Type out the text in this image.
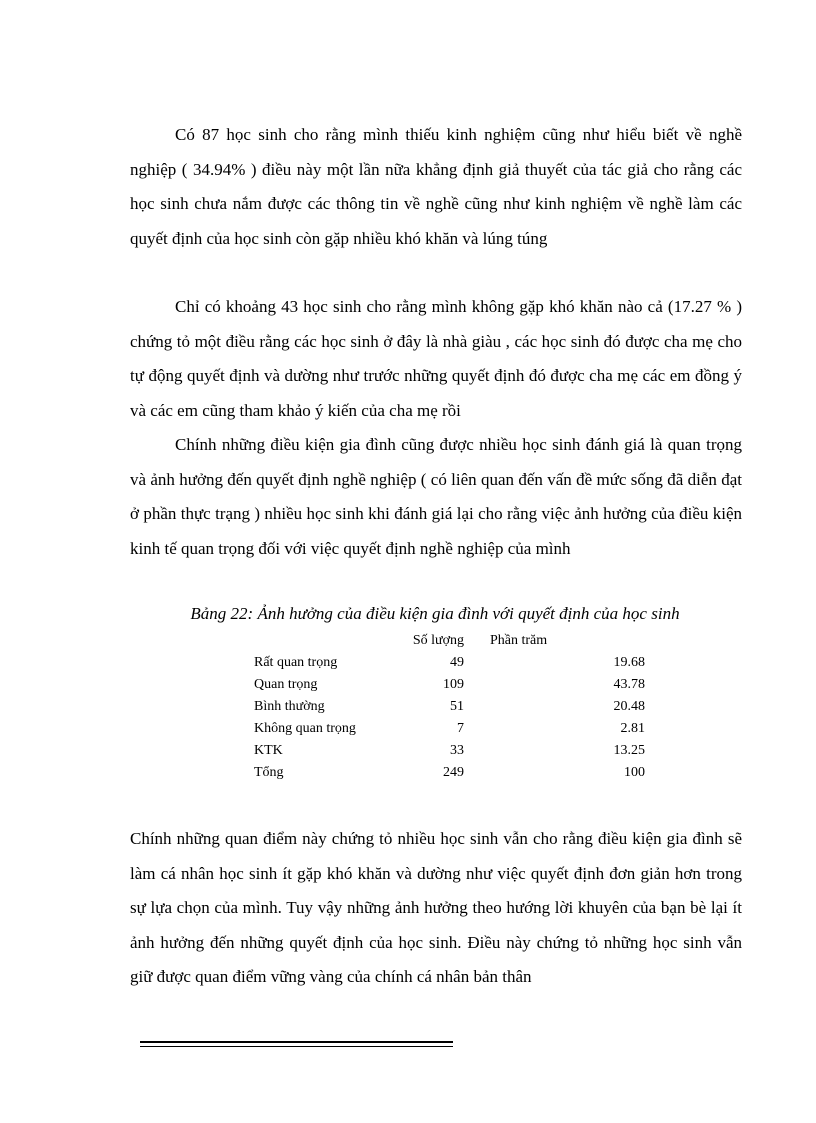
Có 87 học sinh cho rằng mình thiếu kinh nghiệm cũng như hiểu biết về nghề nghiệp ( 34.94% ) điều này một lần nữa khẳng định giả thuyết của tác giả cho rằng các học sinh chưa nắm được các thông tin về nghề cũng như kinh nghiệm về nghề làm các quyết định của học sinh còn gặp nhiều khó khăn và lúng túng

Chỉ có khoảng 43 học sinh cho rằng mình không gặp khó khăn nào cả (17.27 % ) chứng tỏ một điều rằng các học sinh ở đây là nhà giàu , các học sinh đó được cha mẹ cho tự động quyết định và dường như trước những quyết định đó được cha mẹ các em đồng ý và các em cũng tham khảo ý kiến của cha mẹ rồi

Chính những điều kiện gia đình cũng được nhiều học sinh đánh giá là quan trọng và ảnh hưởng đến quyết định nghề nghiệp ( có liên quan đến vấn đề mức sống đã diễn đạt ở phần thực trạng ) nhiều học sinh khi đánh giá lại cho rằng việc ảnh hưởng của điều kiện kinh tế quan trọng đối với việc quyết định nghề nghiệp của mình

Bảng 22: Ảnh hưởng của điều kiện gia đình với quyết định của học sinh

	Số lượng	Phần trăm
Rất quan trọng	49	19.68
Quan trọng	109	43.78
Bình thường	51	20.48
Không quan trọng	7	2.81
KTK	33	13.25
Tổng	249	100

Chính những quan điểm này chứng tỏ nhiều học sinh vẫn cho rằng điều kiện gia đình sẽ làm cá nhân học sinh ít gặp khó khăn và dường như việc quyết định đơn giản hơn trong sự lựa chọn của mình. Tuy vậy những ảnh hưởng theo hướng lời khuyên của bạn bè lại ít ảnh hưởng đến những quyết định của học sinh. Điều này chứng tỏ những học sinh vẫn giữ được quan điểm vững vàng của chính cá nhân bản thân
